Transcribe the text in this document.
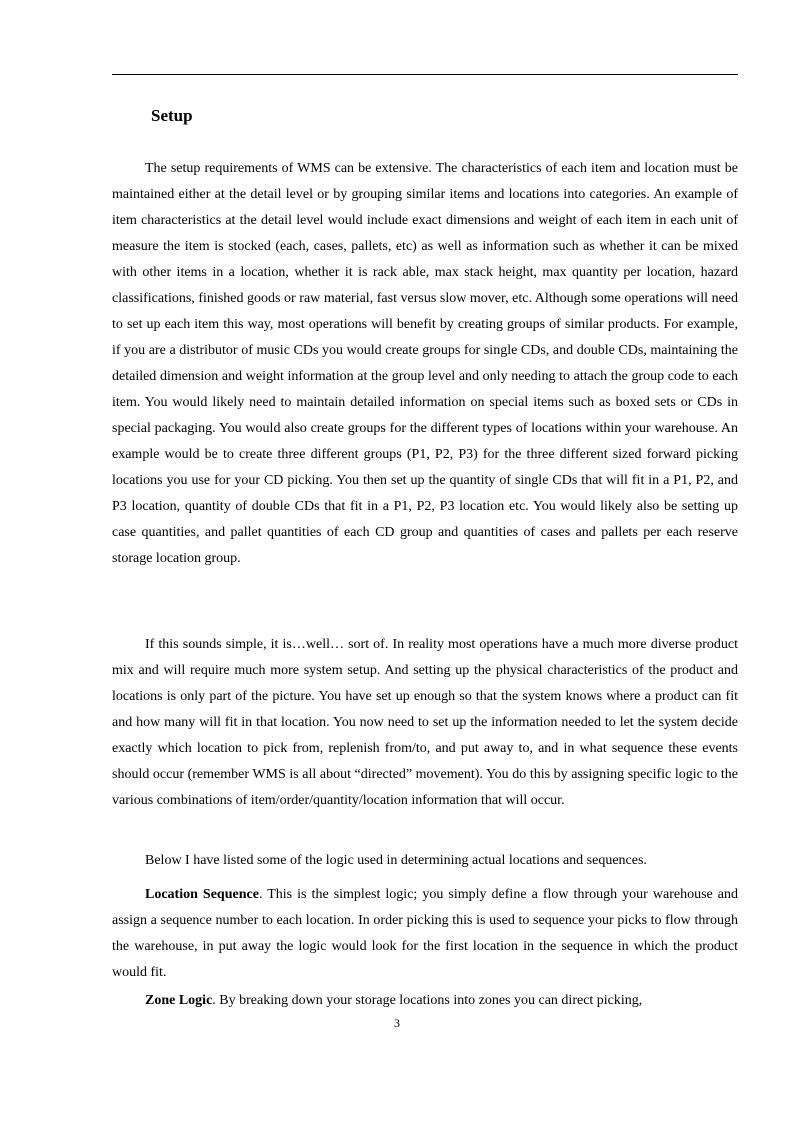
Setup

The setup requirements of WMS can be extensive. The characteristics of each item and location must be maintained either at the detail level or by grouping similar items and locations into categories. An example of item characteristics at the detail level would include exact dimensions and weight of each item in each unit of measure the item is stocked (each, cases, pallets, etc) as well as information such as whether it can be mixed with other items in a location, whether it is rack able, max stack height, max quantity per location, hazard classifications, finished goods or raw material, fast versus slow mover, etc. Although some operations will need to set up each item this way, most operations will benefit by creating groups of similar products. For example, if you are a distributor of music CDs you would create groups for single CDs, and double CDs, maintaining the detailed dimension and weight information at the group level and only needing to attach the group code to each item. You would likely need to maintain detailed information on special items such as boxed sets or CDs in special packaging. You would also create groups for the different types of locations within your warehouse. An example would be to create three different groups (P1, P2, P3) for the three different sized forward picking locations you use for your CD picking. You then set up the quantity of single CDs that will fit in a P1, P2, and P3 location, quantity of double CDs that fit in a P1, P2, P3 location etc. You would likely also be setting up case quantities, and pallet quantities of each CD group and quantities of cases and pallets per each reserve storage location group.

If this sounds simple, it is…well… sort of. In reality most operations have a much more diverse product mix and will require much more system setup. And setting up the physical characteristics of the product and locations is only part of the picture. You have set up enough so that the system knows where a product can fit and how many will fit in that location. You now need to set up the information needed to let the system decide exactly which location to pick from, replenish from/to, and put away to, and in what sequence these events should occur (remember WMS is all about “directed” movement). You do this by assigning specific logic to the various combinations of item/order/quantity/location information that will occur.

Below I have listed some of the logic used in determining actual locations and sequences.

Location Sequence. This is the simplest logic; you simply define a flow through your warehouse and assign a sequence number to each location. In order picking this is used to sequence your picks to flow through the warehouse, in put away the logic would look for the first location in the sequence in which the product would fit.

Zone Logic. By breaking down your storage locations into zones you can direct picking,

3
